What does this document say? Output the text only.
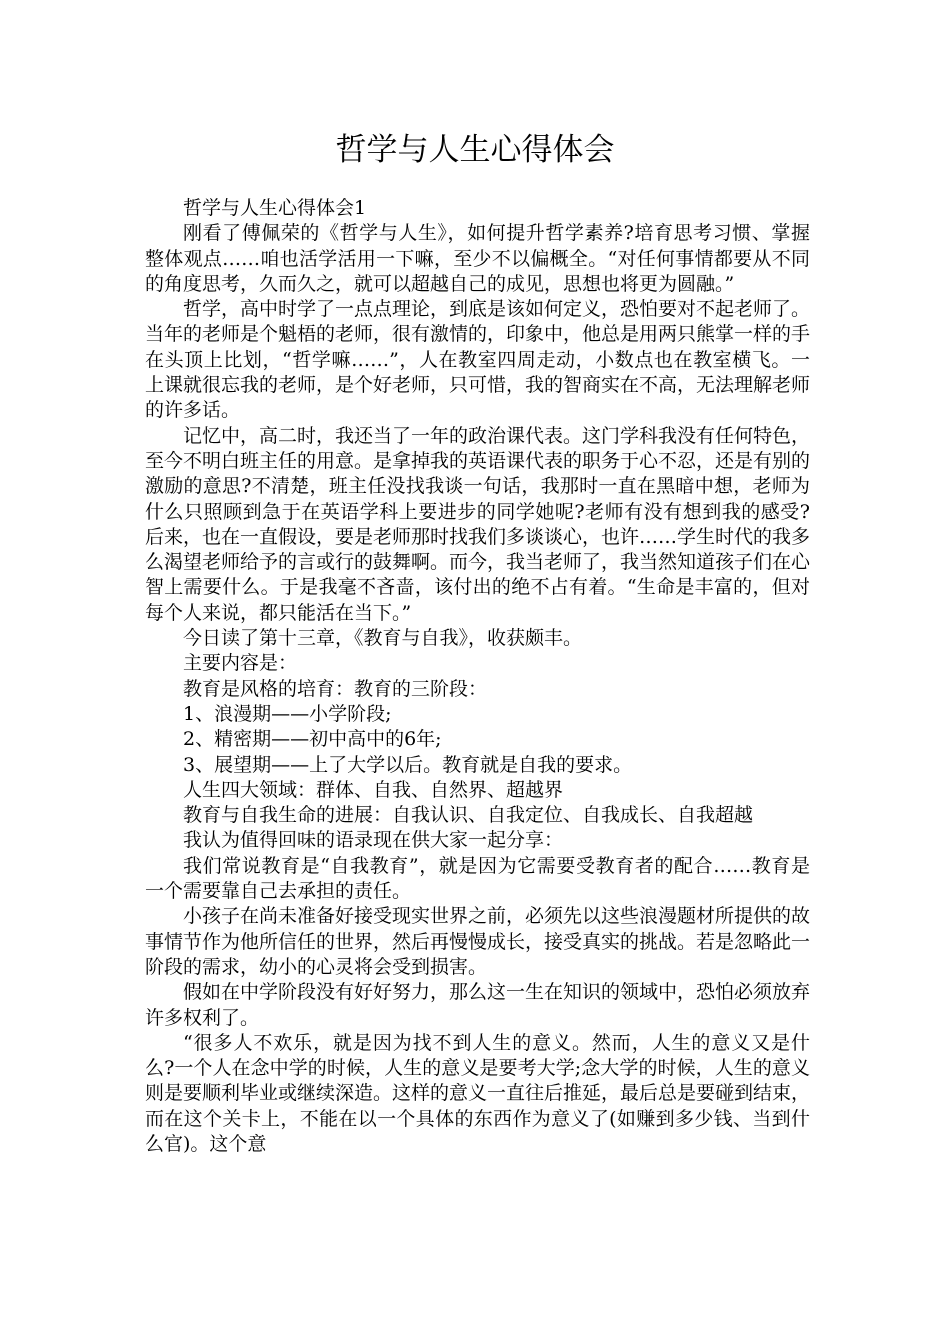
哲学与人生心得体会

哲学与人生心得体会1

刚看了傅佩荣的《哲学与人生》，如何提升哲学素养?培育思考习惯、掌握整体观点……咱也活学活用一下嘛，至少不以偏概全。“对任何事情都要从不同的角度思考，久而久之，就可以超越自己的成见，思想也将更为圆融。”

哲学，高中时学了一点点理论，到底是该如何定义，恐怕要对不起老师了。当年的老师是个魁梧的老师，很有激情的，印象中，他总是用两只熊掌一样的手在头顶上比划，“哲学嘛……”，人在教室四周走动，小数点也在教室横飞。一上课就很忘我的老师，是个好老师，只可惜，我的智商实在不高，无法理解老师的许多话。

记忆中，高二时，我还当了一年的政治课代表。这门学科我没有任何特色，至今不明白班主任的用意。是拿掉我的英语课代表的职务于心不忍，还是有别的激励的意思?不清楚，班主任没找我谈一句话，我那时一直在黑暗中想，老师为什么只照顾到急于在英语学科上要进步的同学她呢?老师有没有想到我的感受?后来，也在一直假设，要是老师那时找我们多谈谈心，也许……学生时代的我多么渴望老师给予的言或行的鼓舞啊。而今，我当老师了，我当然知道孩子们在心智上需要什么。于是我毫不吝啬，该付出的绝不占有着。“生命是丰富的，但对每个人来说，都只能活在当下。”

今日读了第十三章，《教育与自我》，收获颇丰。

主要内容是：

教育是风格的培育：教育的三阶段：

1、浪漫期——小学阶段;

2、精密期——初中高中的6年;

3、展望期——上了大学以后。教育就是自我的要求。

人生四大领域：群体、自我、自然界、超越界

教育与自我生命的进展：自我认识、自我定位、自我成长、自我超越

我认为值得回味的语录现在供大家一起分享：

我们常说教育是“自我教育”，就是因为它需要受教育者的配合……教育是一个需要靠自己去承担的责任。

小孩子在尚未准备好接受现实世界之前，必须先以这些浪漫题材所提供的故事情节作为他所信任的世界，然后再慢慢成长，接受真实的挑战。若是忽略此一阶段的需求，幼小的心灵将会受到损害。

假如在中学阶段没有好好努力，那么这一生在知识的领域中，恐怕必须放弃许多权利了。

“很多人不欢乐，就是因为找不到人生的意义。然而，人生的意义又是什么?一个人在念中学的时候，人生的意义是要考大学;念大学的时候，人生的意义则是要顺利毕业或继续深造。这样的意义一直往后推延，最后总是要碰到结束，而在这个关卡上，不能在以一个具体的东西作为意义了(如赚到多少钱、当到什么官)。这个意
